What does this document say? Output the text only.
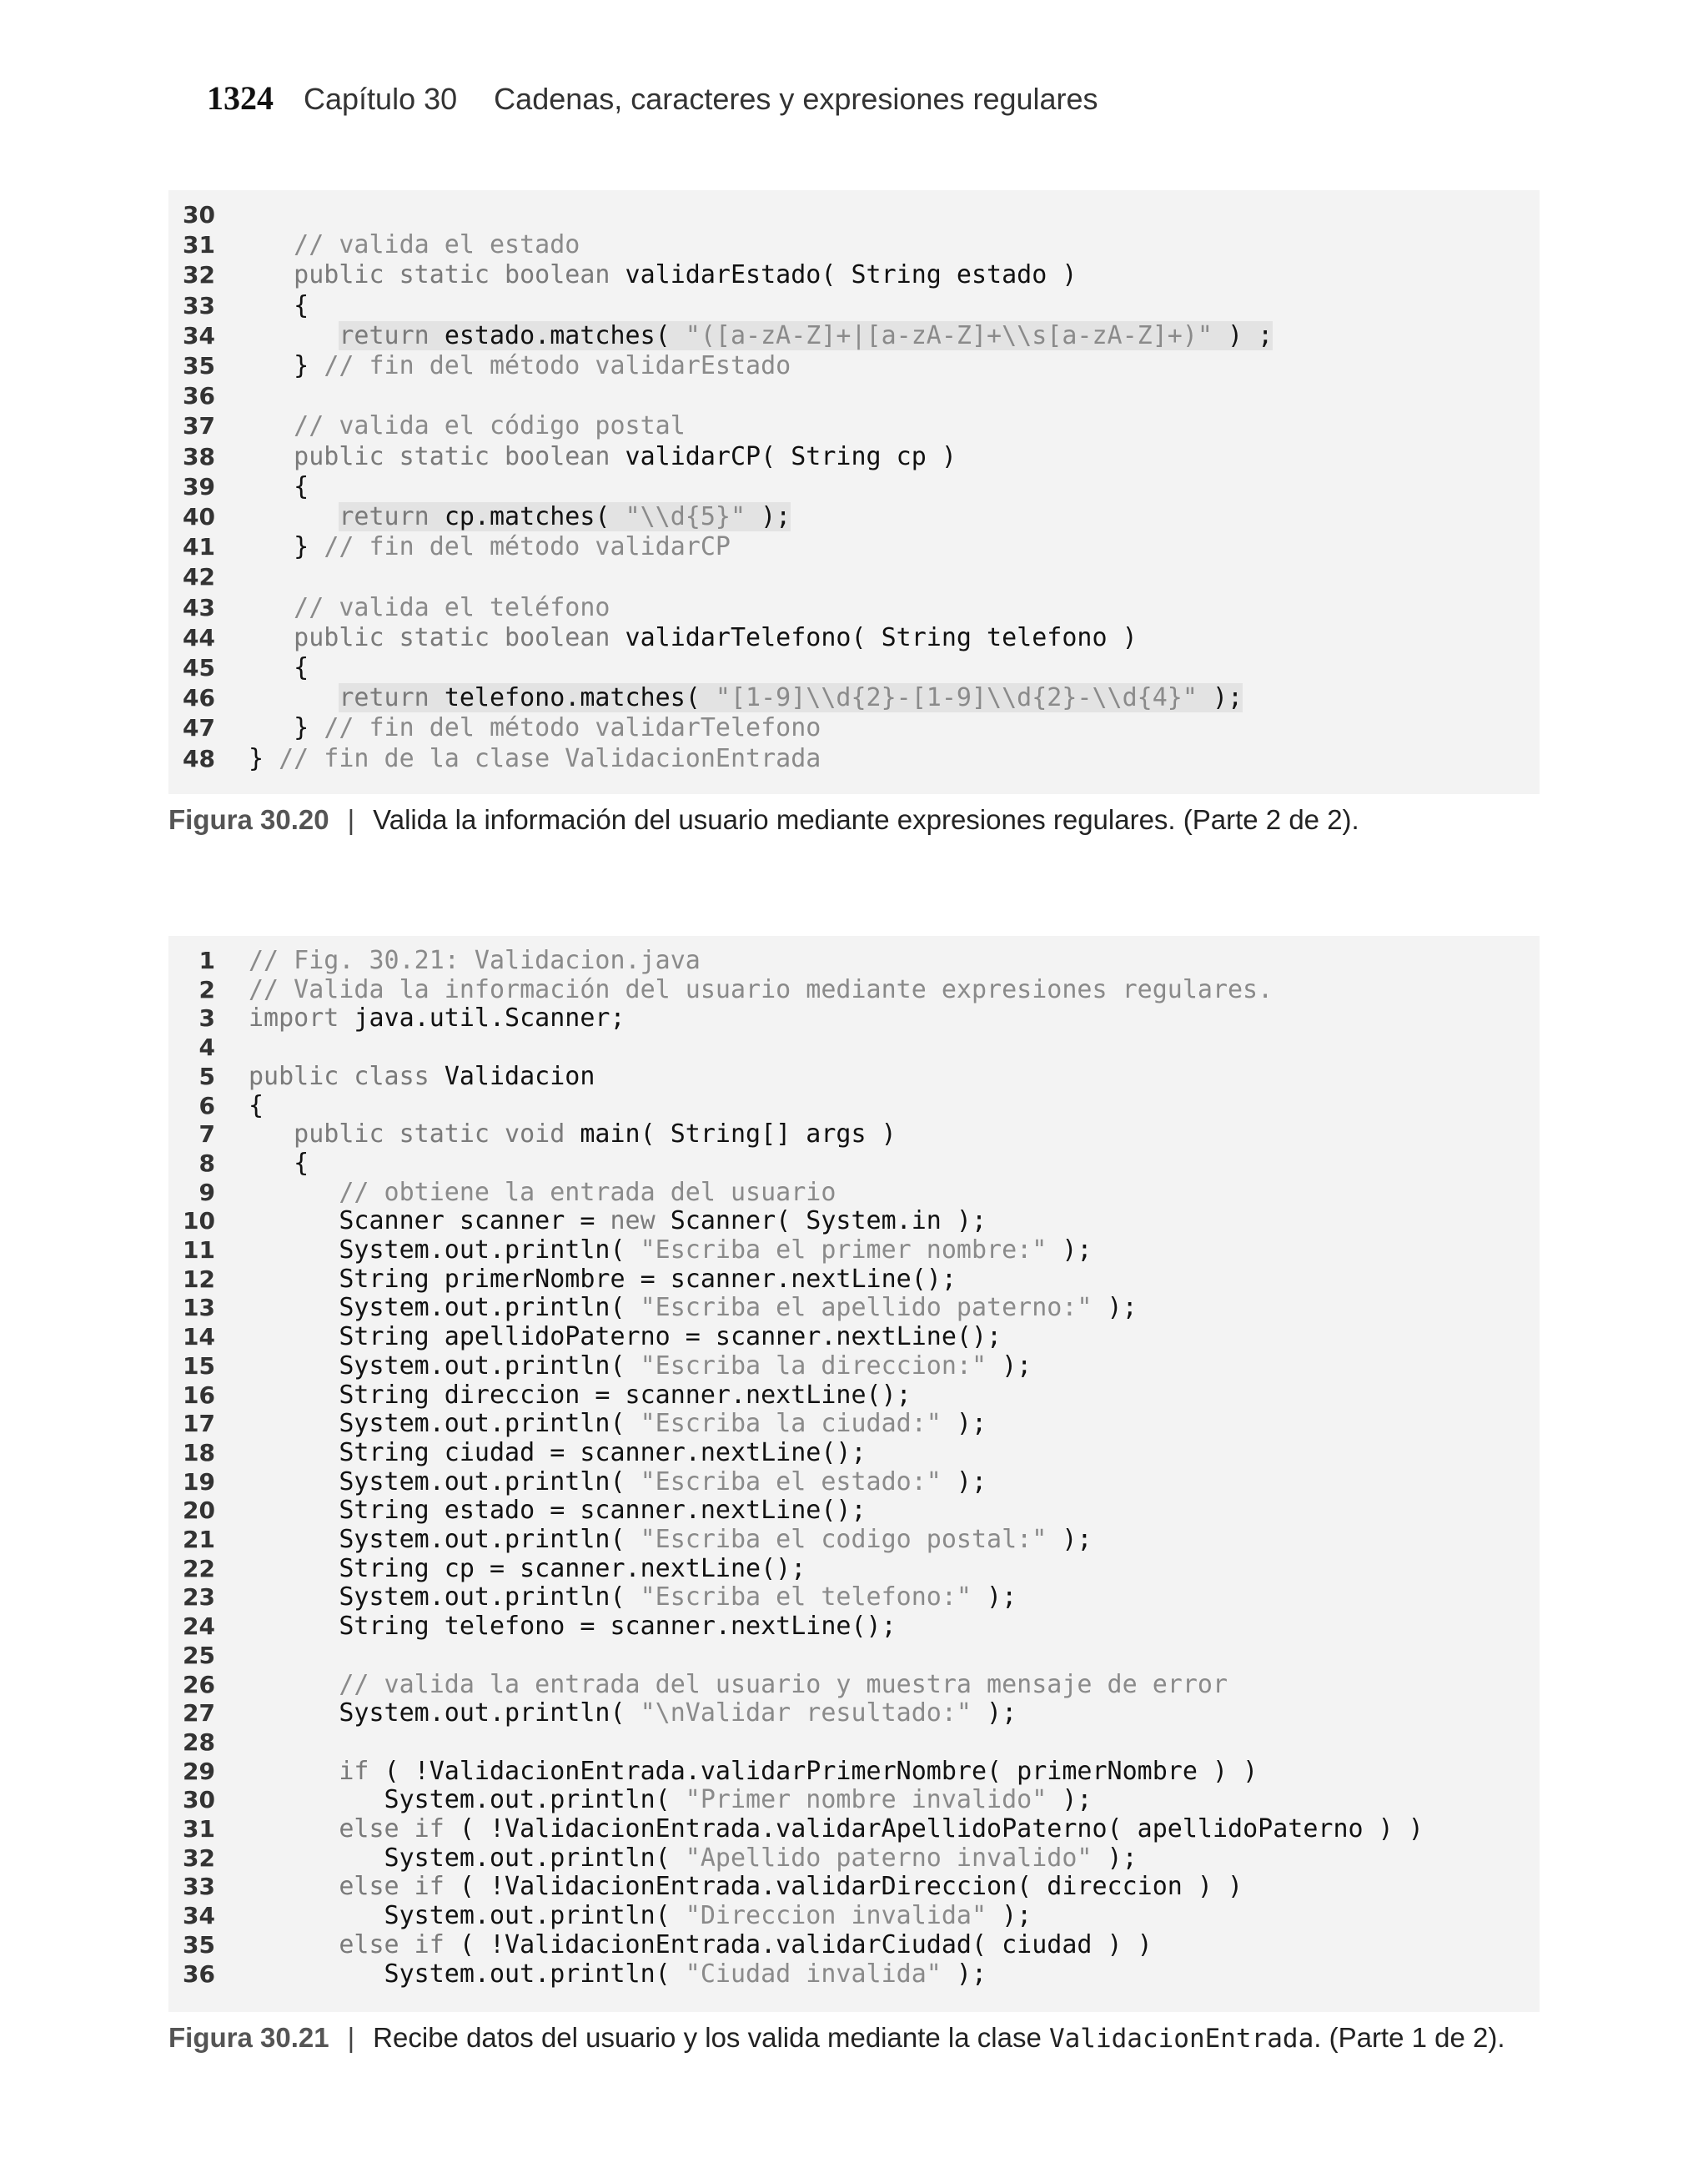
1324 Capítulo 30 Cadenas, caracteres y expresiones regulares
30
31 // valida el estado
32 public static boolean validarEstado( String estado )
33 {
34	return estado.matches( "([a-zA-Z]+|[a-zA-Z]+\\s[a-zA-Z]+)" ) ;
35 } // fin del método validarEstado
36
37 // valida el código postal
38 public static boolean validarCP( String cp )
39 {
40	return cp.matches( "\\d{5}" );
41 } // fin del método validarCP
42
43 // valida el teléfono
44 public static boolean validarTelefono( String telefono )
45 {
46	return telefono.matches( "[1-9]\\d{2}-[1-9]\\d{2}-\\d{4}" );
47 } // fin del método validarTelefono
48 } // fin de la clase ValidacionEntrada
Figura 30.20 | Valida la información del usuario mediante expresiones regulares. (Parte 2 de 2).
1 // Fig. 30.21: Validacion.java
2 // Valida la información del usuario mediante expresiones regulares.
3 import java.util.Scanner;
4
5 public class Validacion
6 {
7 public static void main( String[] args )
8 {
9 // obtiene la entrada del usuario
10 Scanner scanner = new Scanner( System.in );
11 System.out.println( "Escriba el primer nombre:" );
12 String primerNombre = scanner.nextLine();
13 System.out.println( "Escriba el apellido paterno:" );
14 String apellidoPaterno = scanner.nextLine();
15 System.out.println( "Escriba la direccion:" );
16 String direccion = scanner.nextLine();
17 System.out.println( "Escriba la ciudad:" );
18 String ciudad = scanner.nextLine();
19 System.out.println( "Escriba el estado:" );
20 String estado = scanner.nextLine();
21 System.out.println( "Escriba el codigo postal:" );
22 String cp = scanner.nextLine();
23 System.out.println( "Escriba el telefono:" );
24 String telefono = scanner.nextLine();
25
26 // valida la entrada del usuario y muestra mensaje de error
27 System.out.println( "\nValidar resultado:" );
28
29 if ( !ValidacionEntrada.validarPrimerNombre( primerNombre ) )
30 System.out.println( "Primer nombre invalido" );
31 else if ( !ValidacionEntrada.validarApellidoPaterno( apellidoPaterno ) )
32 System.out.println( "Apellido paterno invalido" );
33 else if ( !ValidacionEntrada.validarDireccion( direccion ) )
34 System.out.println( "Direccion invalida" );
35 else if ( !ValidacionEntrada.validarCiudad( ciudad ) )
36 System.out.println( "Ciudad invalida" );
Figura 30.21 | Recibe datos del usuario y los valida mediante la clase ValidacionEntrada. (Parte 1 de 2).
